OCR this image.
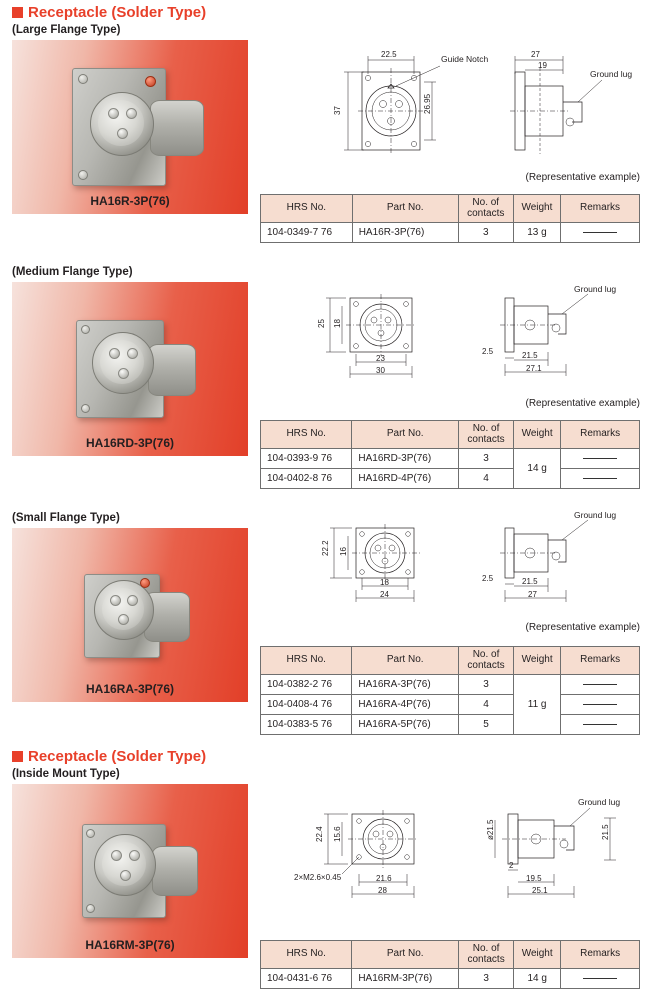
Receptacle (Solder Type)
(Large Flange Type)
HA16R-3P(76)
22.5
37	26.95
Guide Notch
Ground lug
27
19
(Representative example)
HRS No.	Part No.	No. of contacts	Weight	Remarks
104-0349-7 76	HA16R-3P(76)	3	13 g	
(Medium Flange Type)
HA16RD-3P(76)
25 18
23
30
Ground lug
2.5	21.5
27.1
(Representative example)
HRS No.	Part No.	No. of contacts	Weight	Remarks
104-0393-9 76	HA16RD-3P(76)	3	14 g	
104-0402-8 76	HA16RD-4P(76)	4		
(Small Flange Type)
HA16RA-3P(76)
22.2 16
18
24
Ground lug
2.5	21.5
27
(Representative example)
HRS No.	Part No.	No. of contacts	Weight	Remarks
104-0382-2 76	HA16RA-3P(76)	3	11 g	
104-0408-4 76	HA16RA-4P(76)	4		
104-0383-5 76	HA16RA-5P(76)	5		
Receptacle (Solder Type)
(Inside Mount Type)
HA16RM-3P(76)
22.4 15.6
2×M2.6×0.45	21.6
28
Ground lug
ø21.5	21.5
2
19.5
25.1
HRS No.	Part No.	No. of contacts	Weight	Remarks
104-0431-6 76	HA16RM-3P(76)	3	14 g	
